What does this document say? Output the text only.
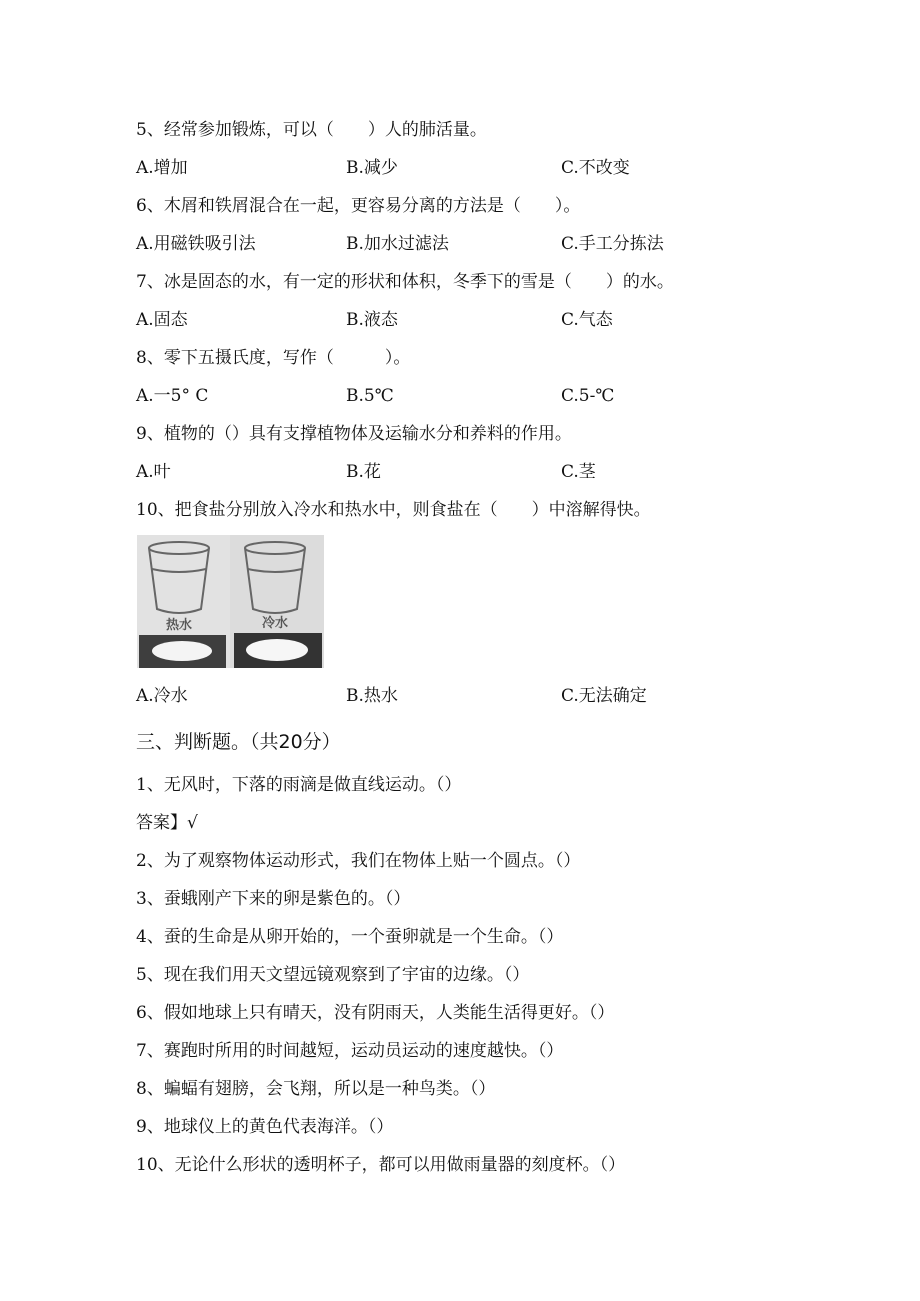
5、经常参加锻炼，可以（　　）人的肺活量。
A.增加	B.减少	C.不改变
6、木屑和铁屑混合在一起，更容易分离的方法是（　　）。
A.用磁铁吸引法	B.加水过滤法	C.手工分拣法
7、冰是固态的水，有一定的形状和体积，冬季下的雪是（　　）的水。
A.固态	B.液态	C.气态
8、零下五摄氏度，写作（　　　）。
A.一5° C	B.5℃	C.5-℃
9、植物的（）具有支撑植物体及运输水分和养料的作用。
A.叶	B.花	C.茎
10、把食盐分别放入冷水和热水中，则食盐在（　　）中溶解得快。
热水	冷水
A.冷水	B.热水	C.无法确定
三、判断题。（共20分）
1、无风时，下落的雨滴是做直线运动。（）
答案】√
2、为了观察物体运动形式，我们在物体上贴一个圆点。（）
3、蚕蛾刚产下来的卵是紫色的。（）
4、蚕的生命是从卵开始的，一个蚕卵就是一个生命。（）
5、现在我们用天文望远镜观察到了宇宙的边缘。（）
6、假如地球上只有晴天，没有阴雨天，人类能生活得更好。（）
7、赛跑时所用的时间越短，运动员运动的速度越快。（）
8、蝙蝠有翅膀，会飞翔，所以是一种鸟类。（）
9、地球仪上的黄色代表海洋。（）
10、无论什么形状的透明杯子，都可以用做雨量器的刻度杯。（）
